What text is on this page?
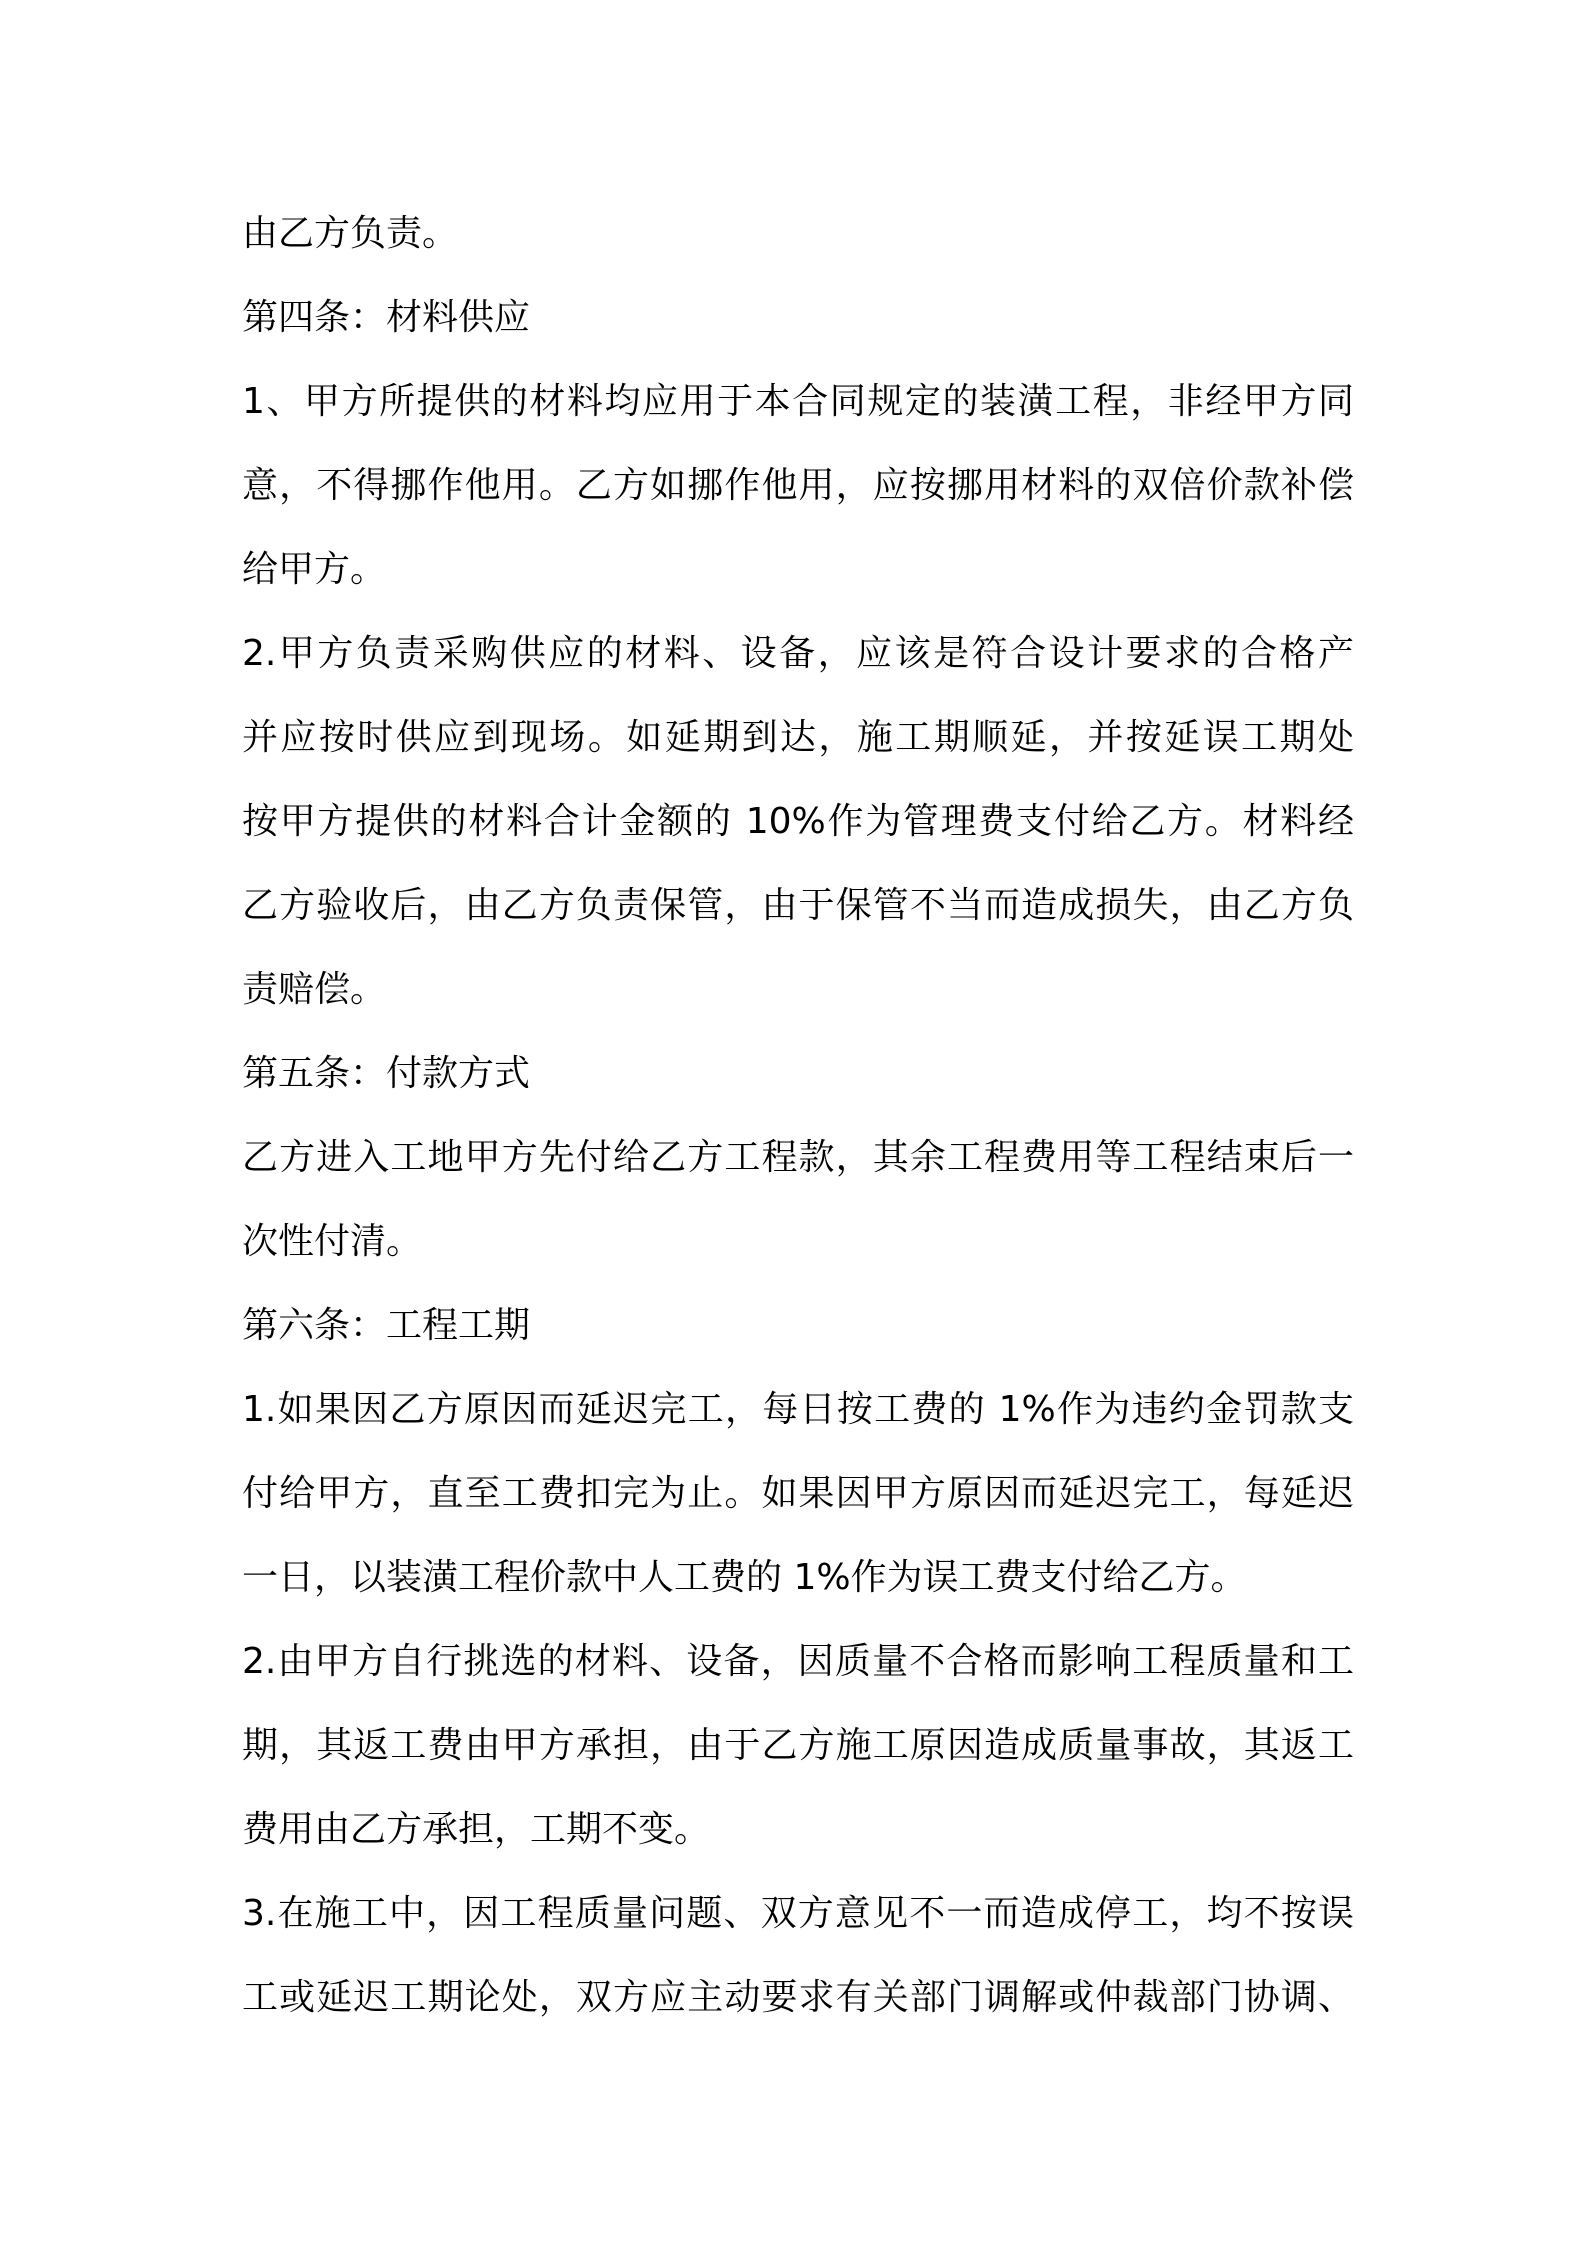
由乙方负责。
第四条：材料供应
1、甲方所提供的材料均应用于本合同规定的装潢工程，非经甲方同
意，不得挪作他用。乙方如挪作他用，应按挪用材料的双倍价款补偿
给甲方。
2.甲方负责采购供应的材料、设备，应该是符合设计要求的合格产
并应按时供应到现场。如延期到达，施工期顺延，并按延误工期处
按甲方提供的材料合计金额的 10%作为管理费支付给乙方。材料经
乙方验收后，由乙方负责保管，由于保管不当而造成损失，由乙方负
责赔偿。
第五条：付款方式
乙方进入工地甲方先付给乙方工程款，其余工程费用等工程结束后一
次性付清。
第六条：工程工期
1.如果因乙方原因而延迟完工，每日按工费的 1%作为违约金罚款支
付给甲方，直至工费扣完为止。如果因甲方原因而延迟完工，每延迟
一日，以装潢工程价款中人工费的 1%作为误工费支付给乙方。
2.由甲方自行挑选的材料、设备，因质量不合格而影响工程质量和工
期，其返工费由甲方承担，由于乙方施工原因造成质量事故，其返工
费用由乙方承担，工期不变。
3.在施工中，因工程质量问题、双方意见不一而造成停工，均不按误
工或延迟工期论处，双方应主动要求有关部门调解或仲裁部门协调、
